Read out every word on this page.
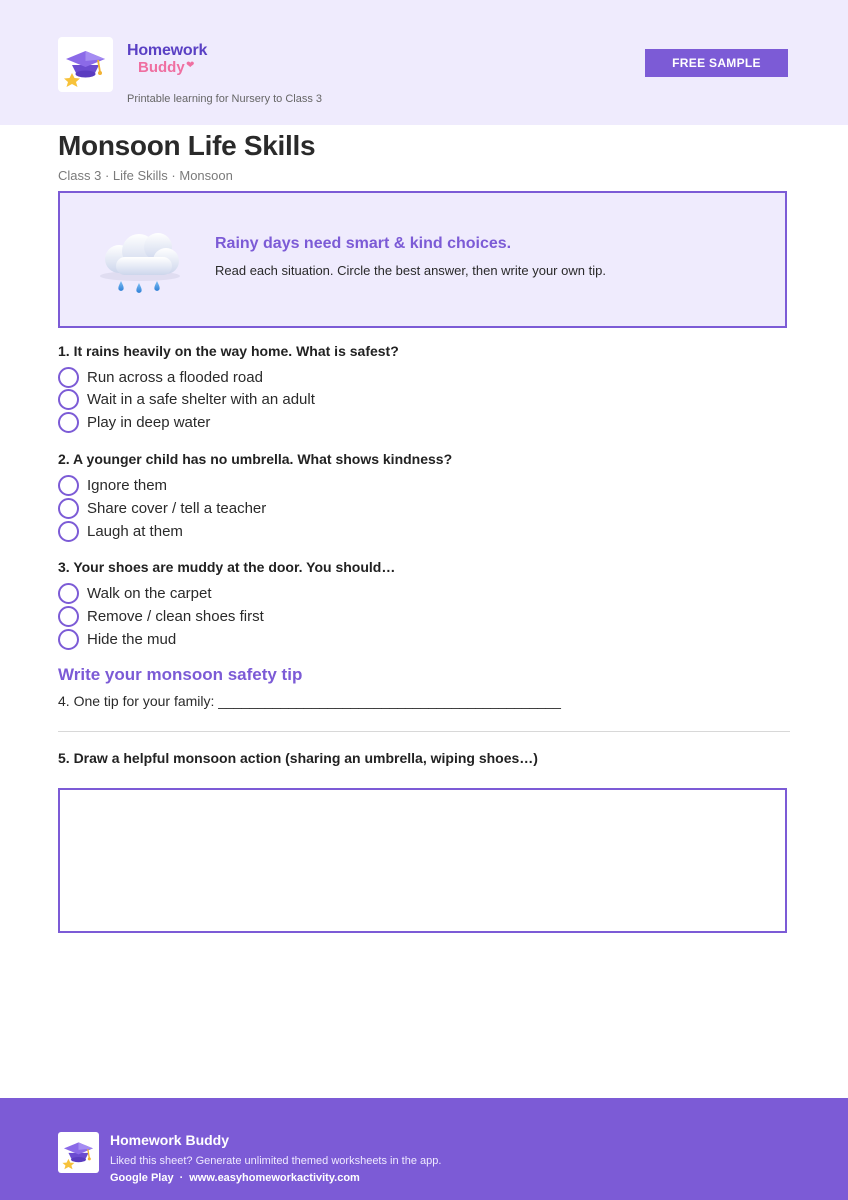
Homework
Buddy ❤
Printable learning for Nursery to Class 3
FREE SAMPLE
Monsoon Life Skills
Class 3 · Life Skills · Monsoon
Rainy days need smart & kind choices.
Read each situation. Circle the best answer, then write your own tip.
1. It rains heavily on the way home. What is safest?
Run across a flooded road
Wait in a safe shelter with an adult
Play in deep water
2. A younger child has no umbrella. What shows kindness?
Ignore them
Share cover / tell a teacher
Laugh at them
3. Your shoes are muddy at the door. You should…
Walk on the carpet
Remove / clean shoes first
Hide the mud
Write your monsoon safety tip
4. One tip for your family: ____________________________________________
5. Draw a helpful monsoon action (sharing an umbrella, wiping shoes…)
Homework Buddy
Liked this sheet? Generate unlimited themed worksheets in the app.
Google Play · www.easyhomeworkactivity.com
